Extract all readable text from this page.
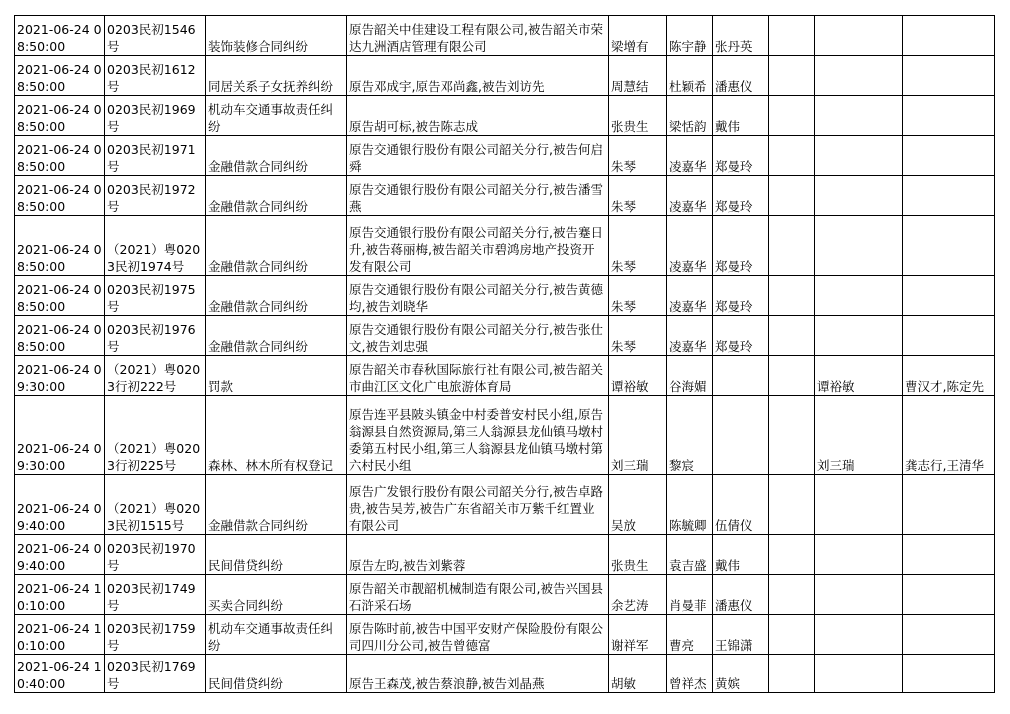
2021-06-24 08:50:00	0203民初1546号	装饰装修合同纠纷	原告韶关中佳建设工程有限公司,被告韶关市荣达九洲酒店管理有限公司	梁增有	陈宇静	张丹英			
2021-06-24 08:50:00	0203民初1612号	同居关系子女抚养纠纷	原告邓成宇,原告邓尚鑫,被告刘访先	周慧结	杜颖希	潘惠仪			
2021-06-24 08:50:00	0203民初1969号	机动车交通事故责任纠纷	原告胡可标,被告陈志成	张贵生	梁恬韵	戴伟			
2021-06-24 08:50:00	0203民初1971号	金融借款合同纠纷	原告交通银行股份有限公司韶关分行,被告何启舜	朱琴	凌嘉华	郑曼玲			
2021-06-24 08:50:00	0203民初1972号	金融借款合同纠纷	原告交通银行股份有限公司韶关分行,被告潘雪燕	朱琴	凌嘉华	郑曼玲			
2021-06-24 08:50:00	（2021）粤0203民初1974号	金融借款合同纠纷	原告交通银行股份有限公司韶关分行,被告蹇日升,被告蒋丽梅,被告韶关市碧鸿房地产投资开发有限公司	朱琴	凌嘉华	郑曼玲			
2021-06-24 08:50:00	0203民初1975号	金融借款合同纠纷	原告交通银行股份有限公司韶关分行,被告黄德均,被告刘晓华	朱琴	凌嘉华	郑曼玲			
2021-06-24 08:50:00	0203民初1976号	金融借款合同纠纷	原告交通银行股份有限公司韶关分行,被告张仕文,被告刘忠强	朱琴	凌嘉华	郑曼玲			
2021-06-24 09:30:00	（2021）粤0203行初222号	罚款	原告韶关市春秋国际旅行社有限公司,被告韶关市曲江区文化广电旅游体育局	谭裕敏	谷海媚			谭裕敏	曹汉才,陈定先
2021-06-24 09:30:00	（2021）粤0203行初225号	森林、林木所有权登记	原告连平县陂头镇金中村委普安村民小组,原告翁源县自然资源局,第三人翁源县龙仙镇马墩村委第五村民小组,第三人翁源县龙仙镇马墩村第六村民小组	刘三瑞	黎宸			刘三瑞	龚志行,王清华
2021-06-24 09:40:00	（2021）粤0203民初1515号	金融借款合同纠纷	原告广发银行股份有限公司韶关分行,被告卓路贵,被告吴芳,被告广东省韶关市万紫千红置业有限公司	吴放	陈毓卿	伍倩仪			
2021-06-24 09:40:00	0203民初1970号	民间借贷纠纷	原告左昀,被告刘紫蓉	张贵生	袁吉盛	戴伟			
2021-06-24 10:10:00	0203民初1749号	买卖合同纠纷	原告韶关市靓韶机械制造有限公司,被告兴国县石浒采石场	余艺涛	肖曼菲	潘惠仪			
2021-06-24 10:10:00	0203民初1759号	机动车交通事故责任纠纷	原告陈时前,被告中国平安财产保险股份有限公司四川分公司,被告曾德富	谢祥军	曹亮	王锦潇			
2021-06-24 10:40:00	0203民初1769号	民间借贷纠纷	原告王森茂,被告蔡浪静,被告刘晶燕	胡敏	曾祥杰	黄嫔			
